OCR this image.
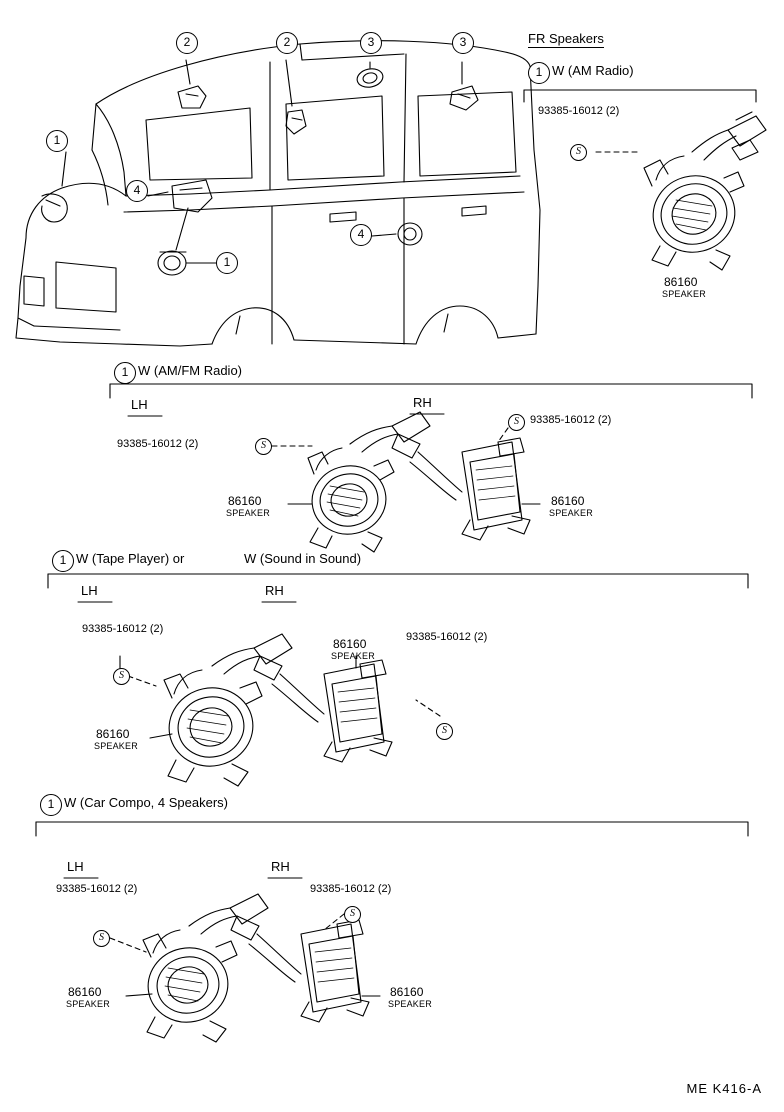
2	2	3	3
1
4
1
4
FR Speakers
1 W (AM Radio)
93385-16012 (2)
S
86160
SPEAKER
1 W (AM/FM Radio)
LH	RH
93385-16012 (2)	S
S	93385-16012 (2)
86160
SPEAKER
86160
SPEAKER
1 W (Tape Player) or	W (Sound in Sound)
LH	RH
93385-16012 (2)
S
93385-16012 (2)
S
86160
SPEAKER
86160
SPEAKER
1 W (Car Compo, 4 Speakers)
LH	RH
93385-16012 (2)
S
93385-16012 (2)
S
86160
SPEAKER
86160
SPEAKER
ME K416-A
